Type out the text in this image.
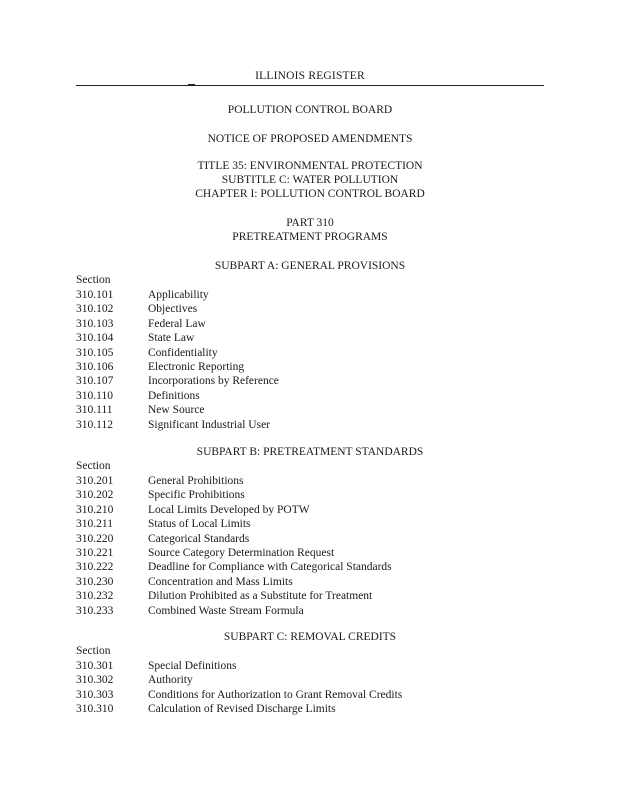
ILLINOIS REGISTER
POLLUTION CONTROL BOARD
NOTICE OF PROPOSED AMENDMENTS
TITLE 35: ENVIRONMENTAL PROTECTION
SUBTITLE C: WATER POLLUTION
CHAPTER I: POLLUTION CONTROL BOARD
PART 310
PRETREATMENT PROGRAMS
SUBPART A: GENERAL PROVISIONS
Section
310.101	Applicability
310.102	Objectives
310.103	Federal Law
310.104	State Law
310.105	Confidentiality
310.106	Electronic Reporting
310.107	Incorporations by Reference
310.110	Definitions
310.111	New Source
310.112	Significant Industrial User
SUBPART B: PRETREATMENT STANDARDS
Section
310.201	General Prohibitions
310.202	Specific Prohibitions
310.210	Local Limits Developed by POTW
310.211	Status of Local Limits
310.220	Categorical Standards
310.221	Source Category Determination Request
310.222	Deadline for Compliance with Categorical Standards
310.230	Concentration and Mass Limits
310.232	Dilution Prohibited as a Substitute for Treatment
310.233	Combined Waste Stream Formula
SUBPART C: REMOVAL CREDITS
Section
310.301	Special Definitions
310.302	Authority
310.303	Conditions for Authorization to Grant Removal Credits
310.310	Calculation of Revised Discharge Limits
